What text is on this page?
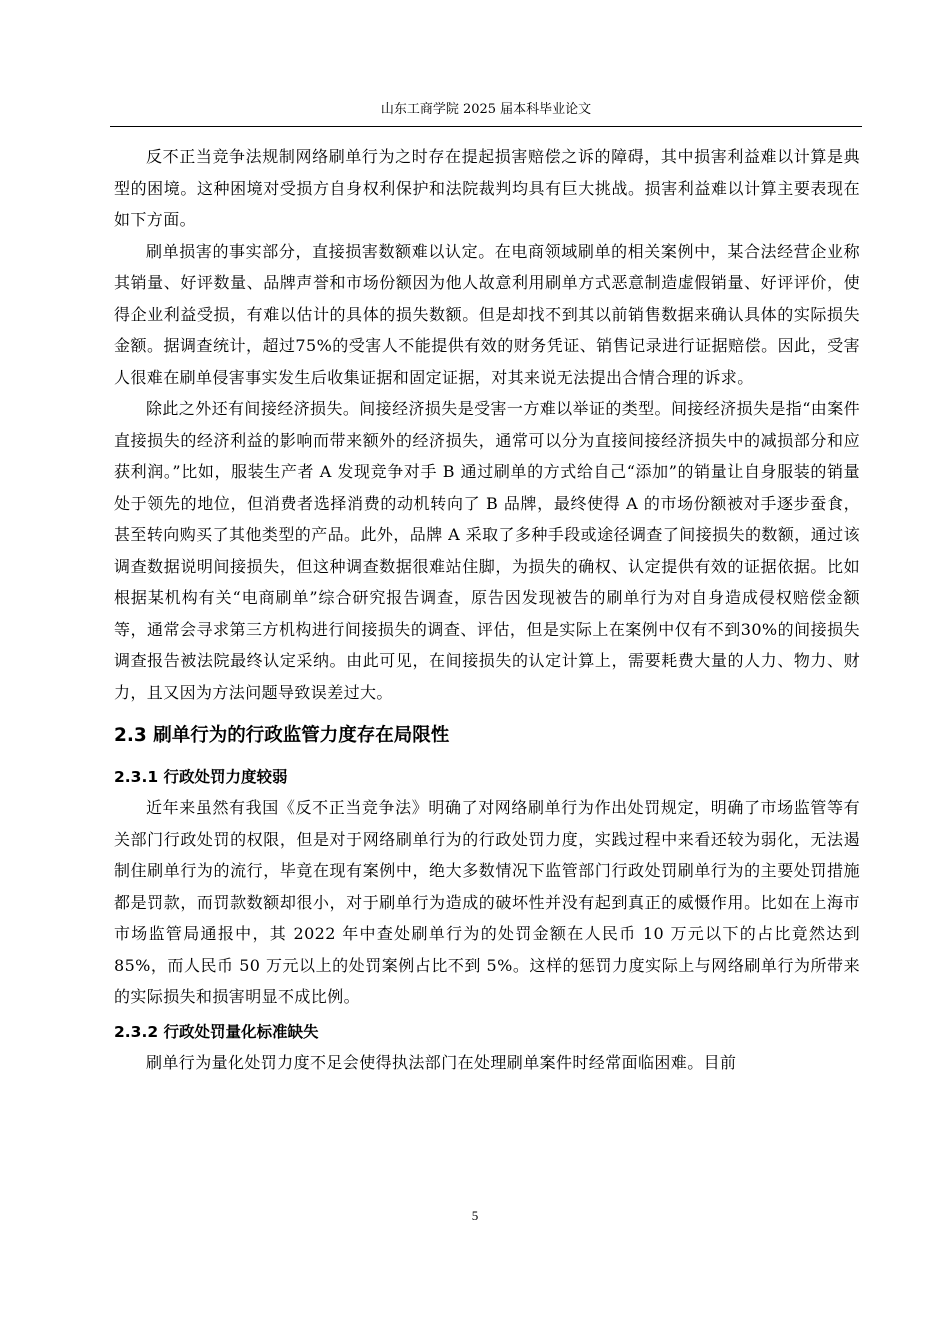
山东工商学院 2025 届本科毕业论文

反不正当竞争法规制网络刷单行为之时存在提起损害赔偿之诉的障碍，其中损害利益难以计算是典型的困境。这种困境对受损方自身权利保护和法院裁判均具有巨大挑战。损害利益难以计算主要表现在如下方面。

刷单损害的事实部分，直接损害数额难以认定。在电商领域刷单的相关案例中，某合法经营企业称其销量、好评数量、品牌声誉和市场份额因为他人故意利用刷单方式恶意制造虚假销量、好评评价，使得企业利益受损，有难以估计的具体的损失数额。但是却找不到其以前销售数据来确认具体的实际损失金额。据调查统计，超过75%的受害人不能提供有效的财务凭证、销售记录进行证据赔偿。因此，受害人很难在刷单侵害事实发生后收集证据和固定证据，对其来说无法提出合情合理的诉求。

除此之外还有间接经济损失。间接经济损失是受害一方难以举证的类型。间接经济损失是指“由案件直接损失的经济利益的影响而带来额外的经济损失，通常可以分为直接间接经济损失中的减损部分和应获利润。”比如，服装生产者 A 发现竞争对手 B 通过刷单的方式给自己“添加”的销量让自身服装的销量处于领先的地位，但消费者选择消费的动机转向了 B 品牌，最终使得 A 的市场份额被对手逐步蚕食，甚至转向购买了其他类型的产品。此外，品牌 A 采取了多种手段或途径调查了间接损失的数额，通过该调查数据说明间接损失，但这种调查数据很难站住脚，为损失的确权、认定提供有效的证据依据。比如根据某机构有关“电商刷单”综合研究报告调查，原告因发现被告的刷单行为对自身造成侵权赔偿金额等，通常会寻求第三方机构进行间接损失的调查、评估，但是实际上在案例中仅有不到30%的间接损失调查报告被法院最终认定采纳。由此可见，在间接损失的认定计算上，需要耗费大量的人力、物力、财力，且又因为方法问题导致误差过大。

2.3 刷单行为的行政监管力度存在局限性
2.3.1 行政处罚力度较弱

近年来虽然有我国《反不正当竞争法》明确了对网络刷单行为作出处罚规定，明确了市场监管等有关部门行政处罚的权限，但是对于网络刷单行为的行政处罚力度，实践过程中来看还较为弱化，无法遏制住刷单行为的流行，毕竟在现有案例中，绝大多数情况下监管部门行政处罚刷单行为的主要处罚措施都是罚款，而罚款数额却很小，对于刷单行为造成的破坏性并没有起到真正的威慑作用。比如在上海市市场监管局通报中，其 2022 年中查处刷单行为的处罚金额在人民币 10 万元以下的占比竟然达到 85%，而人民币 50 万元以上的处罚案例占比不到 5%。这样的惩罚力度实际上与网络刷单行为所带来的实际损失和损害明显不成比例。

2.3.2 行政处罚量化标准缺失

刷单行为量化处罚力度不足会使得执法部门在处理刷单案件时经常面临困难。目前

5
